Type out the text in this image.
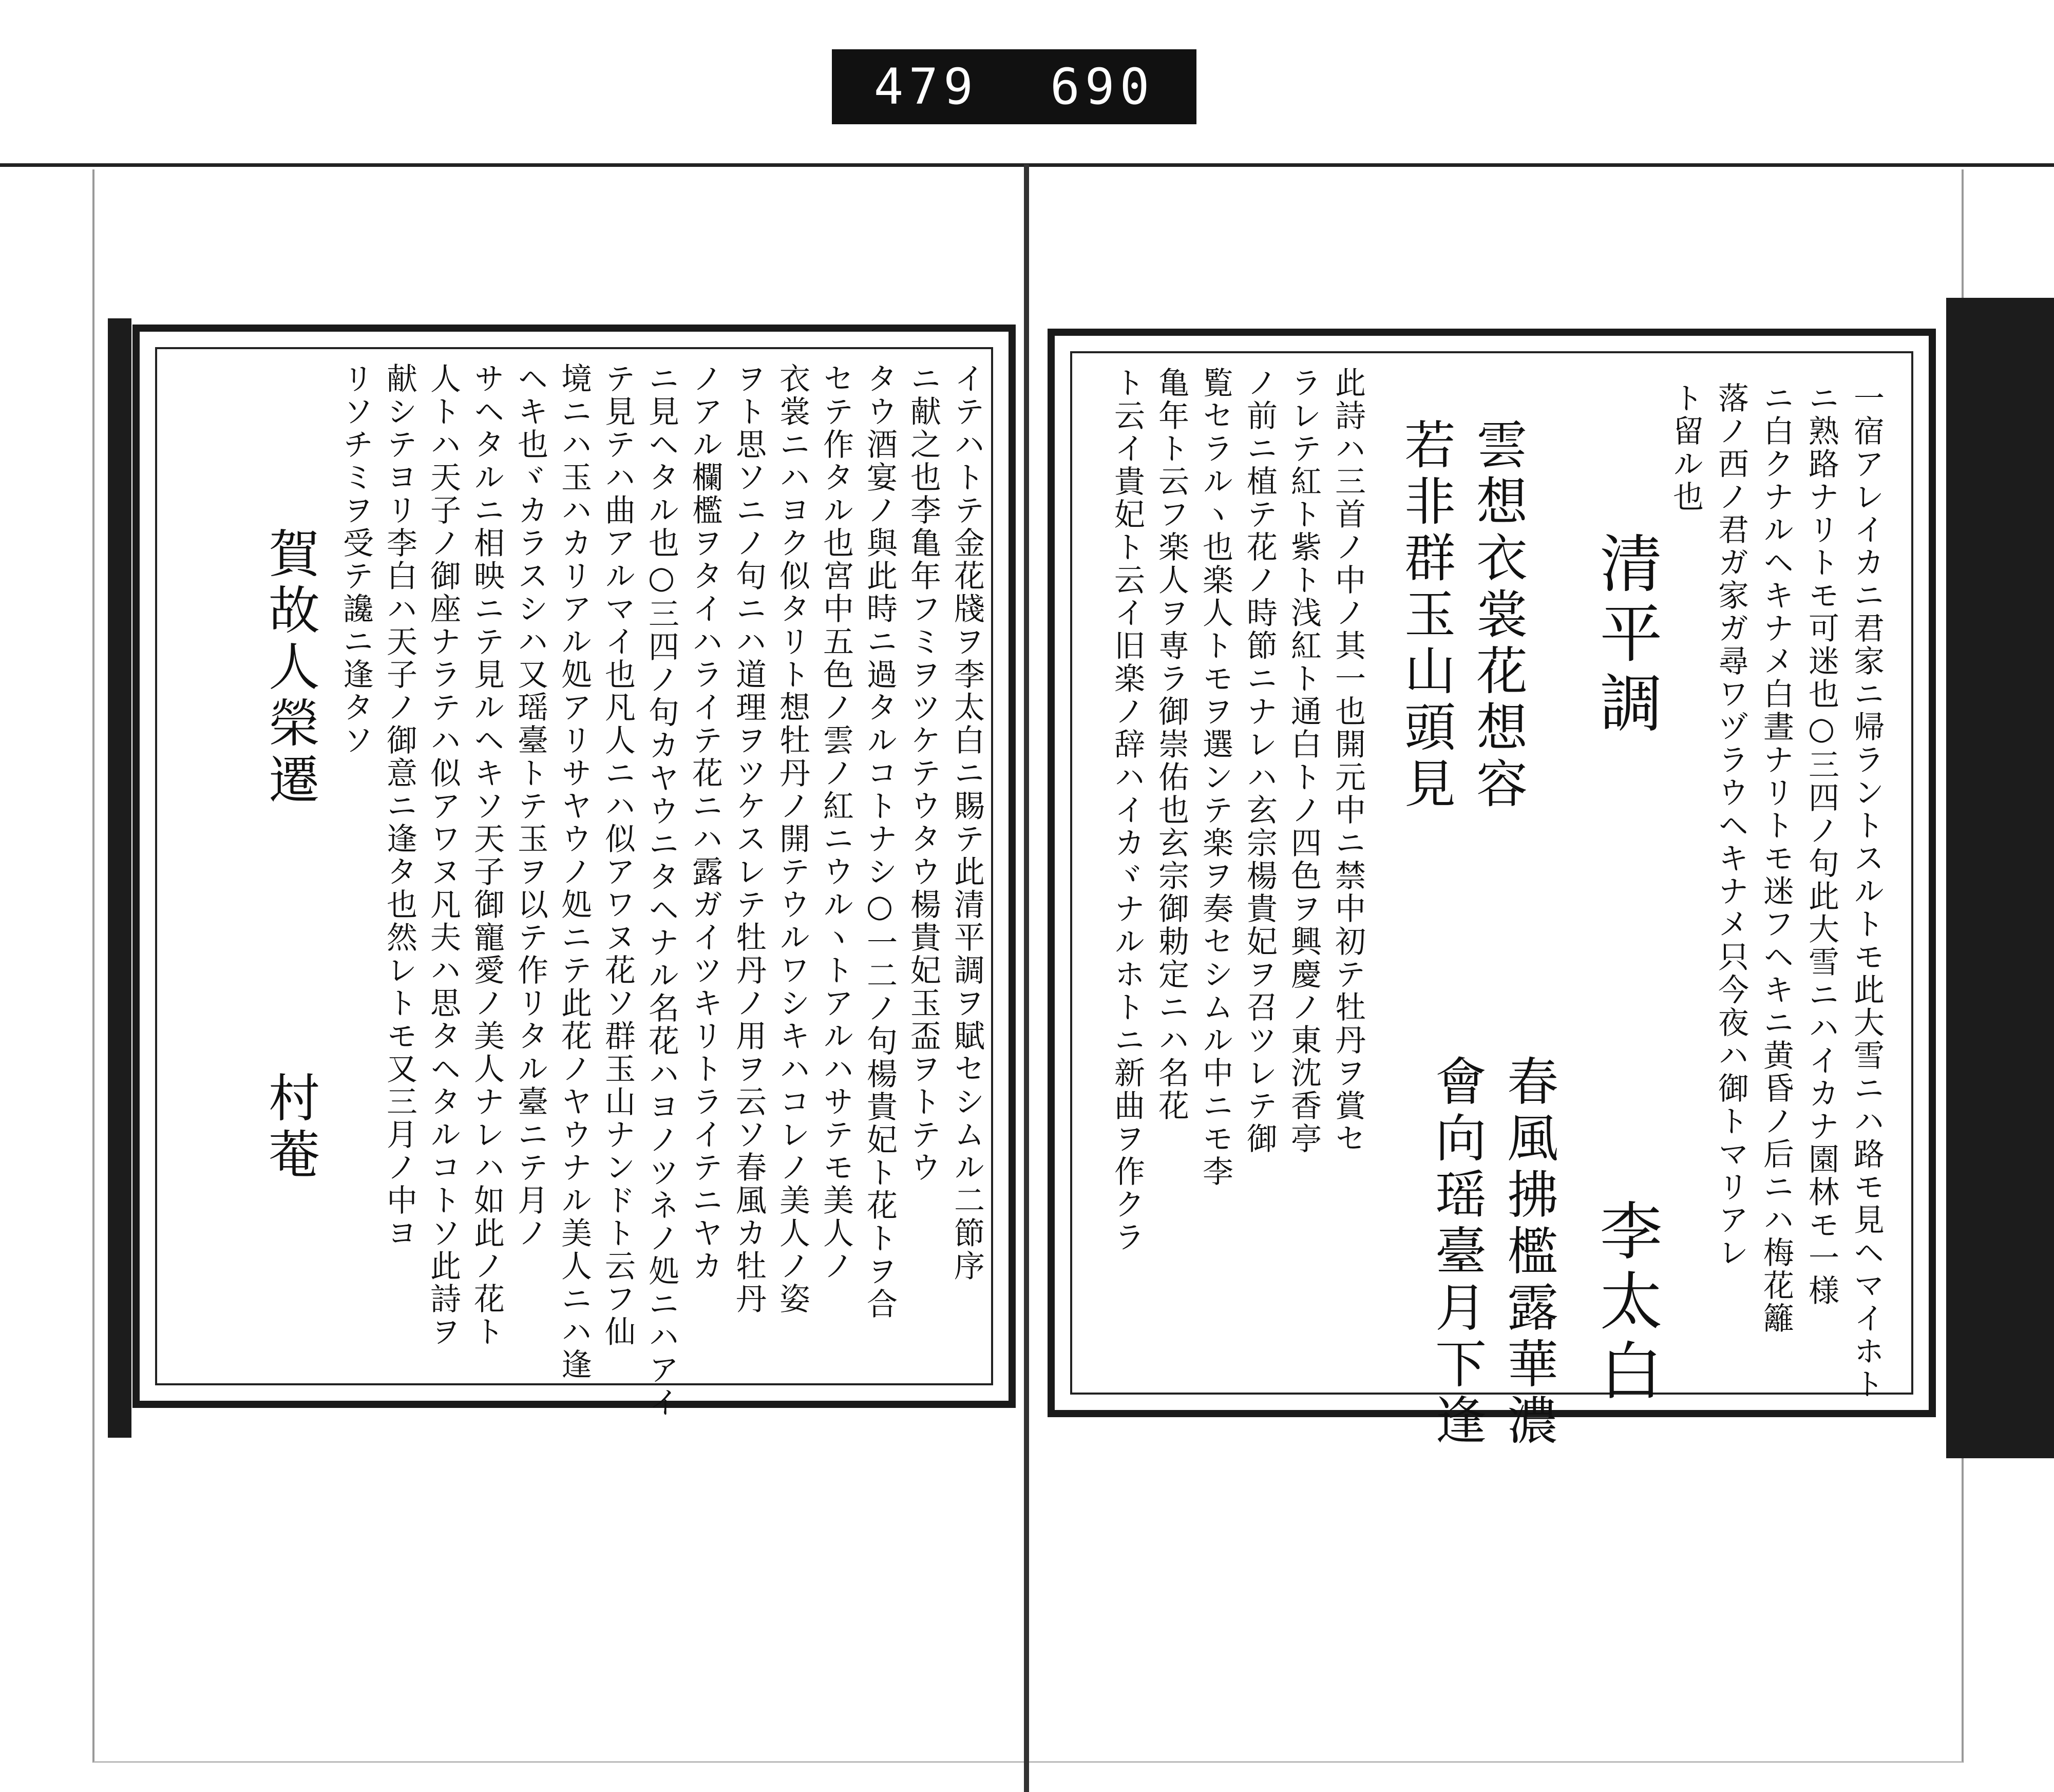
479 690
一宿アレイカニ君家ニ帰ラントスルトモ此大雪ニハ路モ見ヘマイホト
ニ熟路ナリトモ可迷也○三四ノ句此大雪ニハイカナ園林モ一様
ニ白クナルヘキナメ白晝ナリトモ迷フヘキニ黄昏ノ后ニハ梅花籬
落ノ西ノ君ガ家ガ尋ワヅラウヘキナメ只今夜ハ御トマリアレ
ト留ル也
清平調
李太白
春風拂檻露華濃
會向瑶臺月下逢
雲想衣裳花想容
若非群玉山頭見
此詩ハ三首ノ中ノ其一也開元中ニ禁中初テ牡丹ヲ賞セ
ラレテ紅ト紫ト浅紅ト通白トノ四色ヲ興慶ノ東沈香亭
ノ前ニ植テ花ノ時節ニナレハ玄宗楊貴妃ヲ召ツレテ御
覧セラルヽ也楽人トモヲ選ンテ楽ヲ奏セシムル中ニモ李
亀年ト云フ楽人ヲ専ラ御崇佑也玄宗御勅定ニハ名花
ト云イ貴妃ト云イ旧楽ノ辞ハイカヾナルホトニ新曲ヲ作クラ
イテハトテ金花牋ヲ李太白ニ賜テ此清平調ヲ賦セシムル二節序
ニ献之也李亀年フミヲツケテウタウ楊貴妃玉盃ヲトテウ
タウ酒宴ノ與此時ニ過タルコトナシ○一二ノ句楊貴妃ト花トヲ合
セテ作タル也宮中五色ノ雲ノ紅ニウルヽトアルハサテモ美人ノ
衣裳ニハヨク似タリト想牡丹ノ開テウルワシキハコレノ美人ノ姿
ヲト思ソニノ句ニハ道理ヲツケスレテ牡丹ノ用ヲ云ソ春風カ牡丹
ノアル欄檻ヲタイハライテ花ニハ露ガイツキリトライテニヤカ
ニ見ヘタル也○三四ノ句カヤウニタヘナル名花ハヨノツネノ処ニハアイ
テ見テハ曲アルマイ也凡人ニハ似アワヌ花ソ群玉山ナンドト云フ仙
境ニハ玉ハカリアル処アリサヤウノ処ニテ此花ノヤウナル美人ニハ逢
ヘキ也ヾカラスシハ又瑶臺トテ玉ヲ以テ作リタル臺ニテ月ノ
サヘタルニ相映ニテ見ルヘキソ天子御寵愛ノ美人ナレハ如此ノ花ト
人トハ天子ノ御座ナラテハ似アワヌ凡夫ハ思タヘタルコトソ此詩ヲ
献シテヨリ李白ハ天子ノ御意ニ逢タ也然レトモ又三月ノ中ヨ
リソチミヲ受テ讒ニ逢タソ
賀故人榮遷
村菴
